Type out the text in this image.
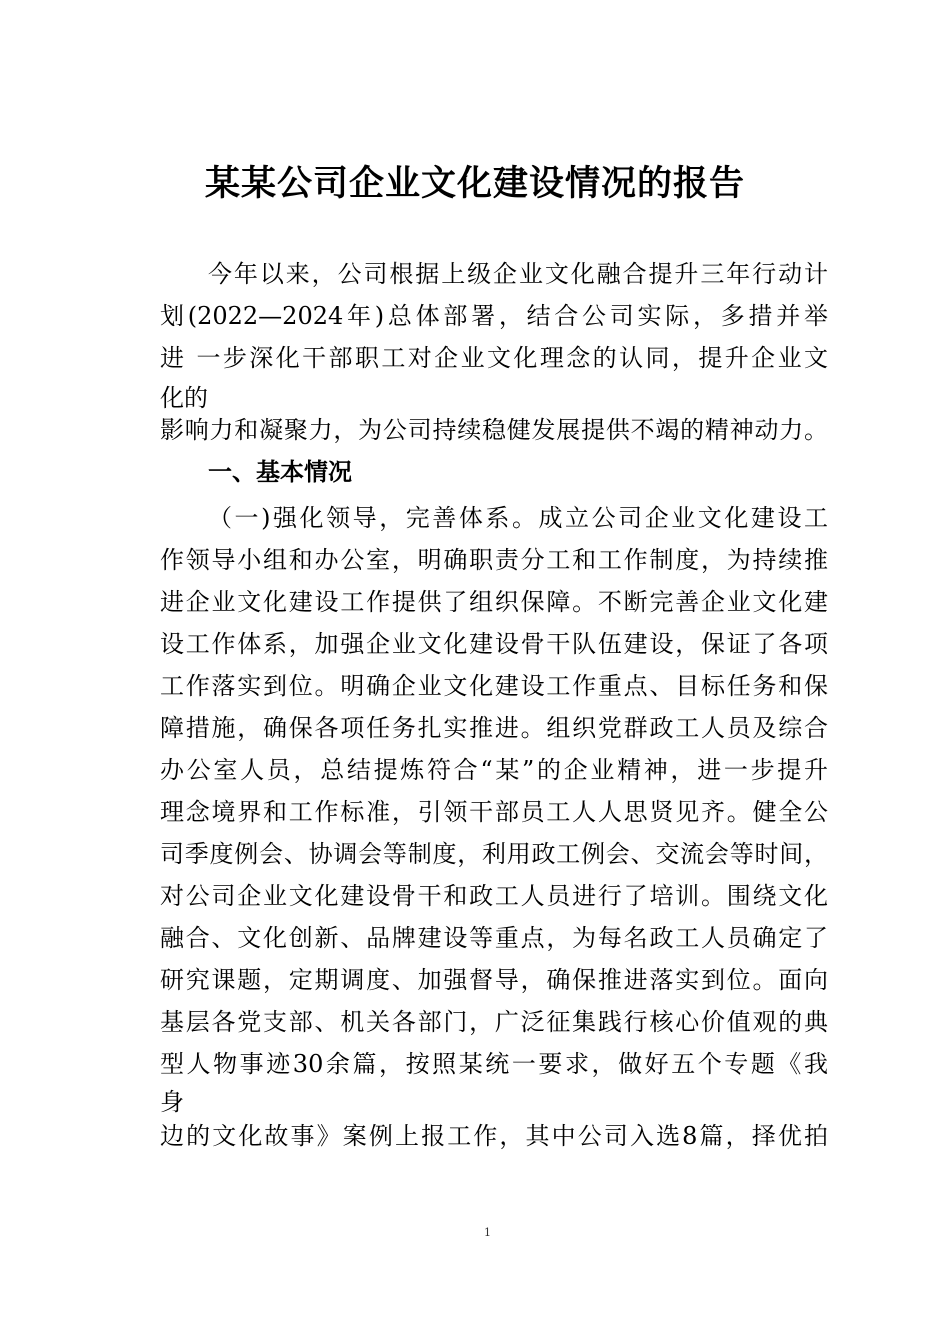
某某公司企业文化建设情况的报告
今年以来，公司根据上级企业文化融合提升三年行动计
划(2022—2024年)总体部署，结合公司实际，多措并举
进 一步深化干部职工对企业文化理念的认同，提升企业文
化的
影响力和凝聚力，为公司持续稳健发展提供不竭的精神动力。
一、基本情况
（一)强化领导，完善体系。成立公司企业文化建设工
作领导小组和办公室，明确职责分工和工作制度，为持续推
进企业文化建设工作提供了组织保障。不断完善企业文化建
设工作体系，加强企业文化建设骨干队伍建设，保证了各项
工作落实到位。明确企业文化建设工作重点、目标任务和保
障措施，确保各项任务扎实推进。组织党群政工人员及综合
办公室人员，总结提炼符合“某”的企业精神，进一步提升
理念境界和工作标准，引领干部员工人人思贤见齐。健全公
司季度例会、协调会等制度，利用政工例会、交流会等时间，
对公司企业文化建设骨干和政工人员进行了培训。围绕文化
融合、文化创新、品牌建设等重点，为每名政工人员确定了
研究课题，定期调度、加强督导，确保推进落实到位。面向
基层各党支部、机关各部门，广泛征集践行核心价值观的典
型人物事迹30余篇，按照某统一要求，做好五个专题《我
身
边的文化故事》案例上报工作，其中公司入选8篇，择优拍
1
